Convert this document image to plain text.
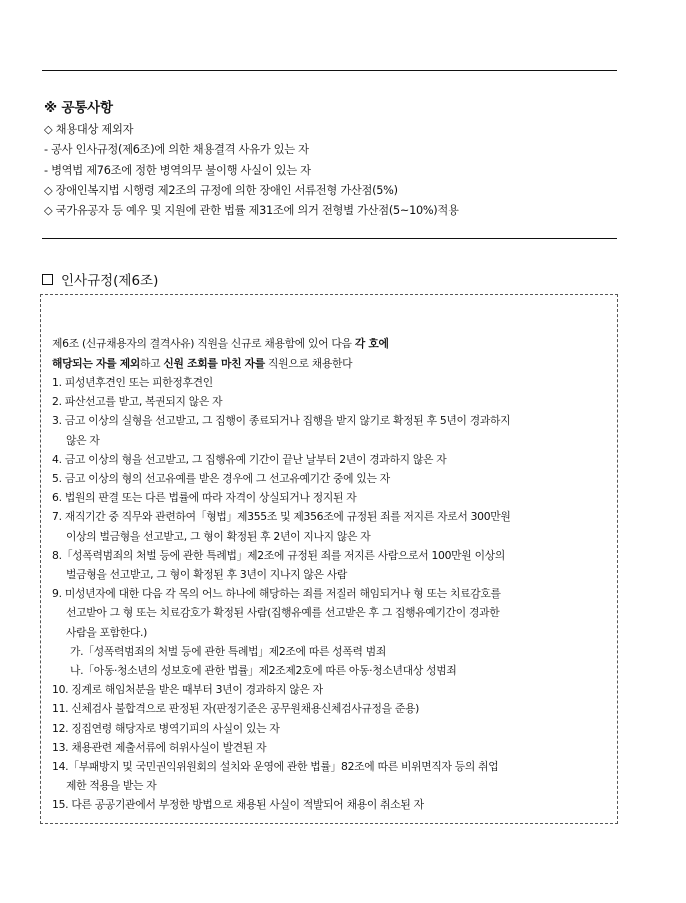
※ 공통사항
◇ 채용대상 제외자
- 공사 인사규정(제6조)에 의한 채용결격 사유가 있는 자
- 병역법 제76조에 정한 병역의무 불이행 사실이 있는 자
◇ 장애인복지법 시행령 제2조의 규정에 의한 장애인 서류전형 가산점(5%)
◇ 국가유공자 등 예우 및 지원에 관한 법률 제31조에 의거 전형별 가산점(5~10%)적용
인사규정(제6조)
제6조 (신규채용자의 결격사유) 직원을 신규로 채용함에 있어 다음 각 호에
해당되는 자를 제외하고 신원 조회를 마친 자를 직원으로 채용한다
1. 피성년후견인 또는 피한정후견인
2. 파산선고를 받고, 복권되지 않은 자
3. 금고 이상의 실형을 선고받고, 그 집행이 종료되거나 집행을 받지 않기로 확정된 후 5년이 경과하지
않은 자
4. 금고 이상의 형을 선고받고, 그 집행유예 기간이 끝난 날부터 2년이 경과하지 않은 자
5. 금고 이상의 형의 선고유예를 받은 경우에 그 선고유예기간 중에 있는 자
6. 법원의 판결 또는 다른 법률에 따라 자격이 상실되거나 정지된 자
7. 재직기간 중 직무와 관련하여「형법」제355조 및 제356조에 규정된 죄를 저지른 자로서 300만원
이상의 벌금형을 선고받고, 그 형이 확정된 후 2년이 지나지 않은 자
8.「성폭력범죄의 처벌 등에 관한 특례법」제2조에 규정된 죄를 저지른 사람으로서 100만원 이상의
벌금형을 선고받고, 그 형이 확정된 후 3년이 지나지 않은 사람
9. 미성년자에 대한 다음 각 목의 어느 하나에 해당하는 죄를 저질러 해임되거나 형 또는 치료감호를
선고받아 그 형 또는 치료감호가 확정된 사람(집행유예를 선고받은 후 그 집행유예기간이 경과한
사람을 포함한다.)
가.「성폭력범죄의 처벌 등에 관한 특례법」제2조에 따른 성폭력 범죄
나.「아동·청소년의 성보호에 관한 법률」제2조제2호에 따른 아동·청소년대상 성범죄
10. 징계로 해임처분을 받은 때부터 3년이 경과하지 않은 자
11. 신체검사 불합격으로 판정된 자(판정기준은 공무원채용신체검사규정을 준용)
12. 징집연령 해당자로 병역기피의 사실이 있는 자
13. 채용관련 제출서류에 허위사실이 발견된 자
14.「부패방지 및 국민권익위원회의 설치와 운영에 관한 법률」82조에 따른 비위면직자 등의 취업
제한 적용을 받는 자
15. 다른 공공기관에서 부정한 방법으로 채용된 사실이 적발되어 채용이 취소된 자
